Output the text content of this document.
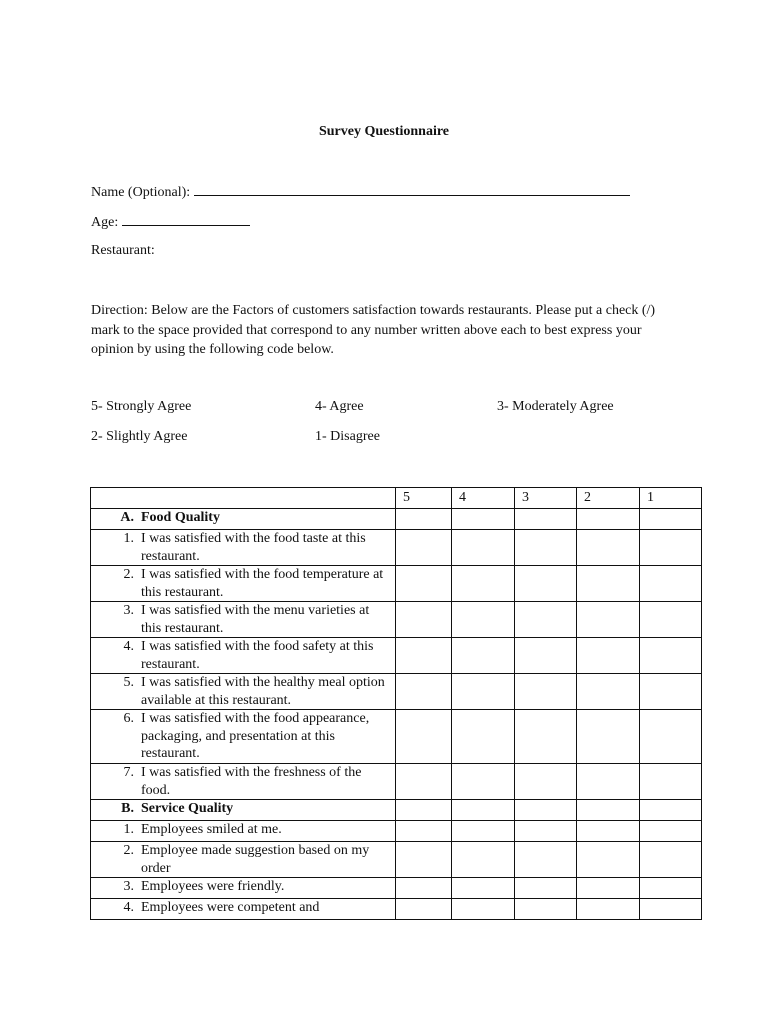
Survey Questionnaire
Name (Optional):
Age:
Restaurant:
Direction: Below are the Factors of customers satisfaction towards restaurants. Please put a check (/) mark to the space provided that correspond to any number written above each to best express your opinion by using the following code below.
5- Strongly Agree	4- Agree	3- Moderately Agree
2- Slightly Agree	1- Disagree
	5	4	3	2	1

A. Food Quality					

1. I was satisfied with the food taste at this restaurant.					

2. I was satisfied with the food temperature at this restaurant.					

3. I was satisfied with the menu varieties at this restaurant.					

4. I was satisfied with the food safety at this restaurant.					

5. I was satisfied with the healthy meal option available at this restaurant.					

6. I was satisfied with the food appearance, packaging, and presentation at this restaurant.					

7. I was satisfied with the freshness of the food.					

B. Service Quality					

1. Employees smiled at me.					

2. Employee made suggestion based on my order					

3. Employees were friendly.					

4. Employees were competent and					
